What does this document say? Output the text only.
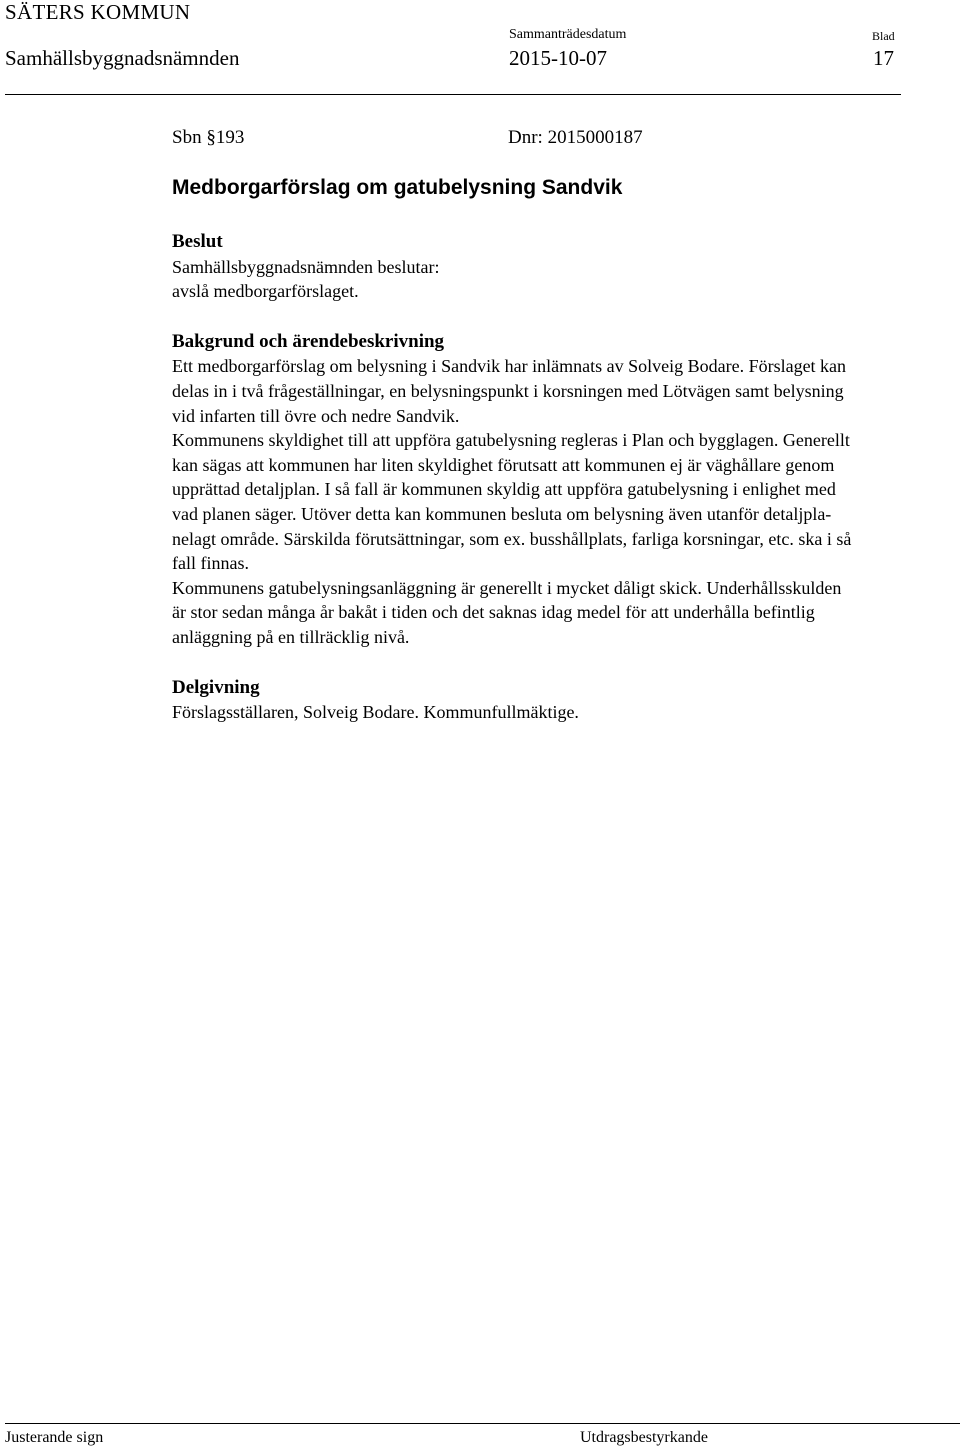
SÄTERS KOMMUN
Samhällsbyggnadsnämnden
Sammanträdesdatum
2015-10-07
Blad
17
Sbn §193	Dnr: 2015000187
Medborgarförslag om gatubelysning Sandvik

Beslut

Samhällsbyggnadsnämnden beslutar:

avslå medborgarförslaget.

Bakgrund och ärendebeskrivning

Ett medborgarförslag om belysning i Sandvik har inlämnats av Solveig Bodare. Förslaget kan

delas in i två frågeställningar, en belysningspunkt i korsningen med Lötvägen samt belysning

vid infarten till övre och nedre Sandvik.

Kommunens skyldighet till att uppföra gatubelysning regleras i Plan och bygglagen. Generellt

kan sägas att kommunen har liten skyldighet förutsatt att kommunen ej är väghållare genom

upprättad detaljplan. I så fall är kommunen skyldig att uppföra gatubelysning i enlighet med

vad planen säger. Utöver detta kan kommunen besluta om belysning även utanför detaljpla-

nelagt område. Särskilda förutsättningar, som ex. busshållplats, farliga korsningar, etc. ska i så

fall finnas.

Kommunens gatubelysningsanläggning är generellt i mycket dåligt skick. Underhållsskulden

är stor sedan många år bakåt i tiden och det saknas idag medel för att underhålla befintlig

anläggning på en tillräcklig nivå.

Delgivning

Förslagsställaren, Solveig Bodare. Kommunfullmäktige.

Justerande sign	Utdragsbestyrkande
